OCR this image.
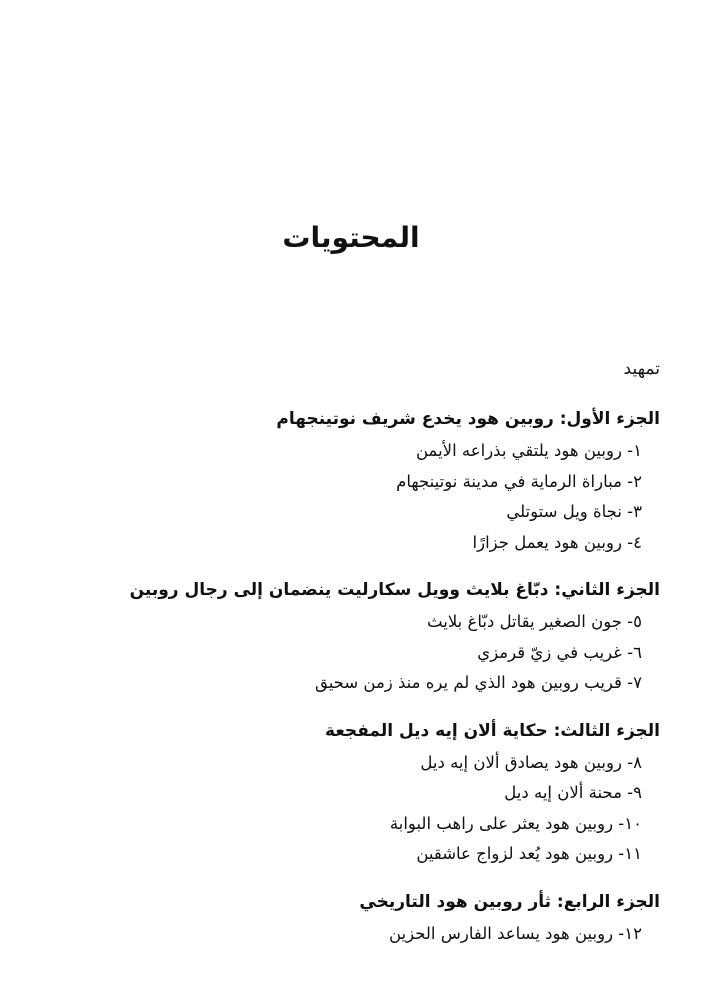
المحتويات

تمهيد

الجزء الأول: روبين هود يخدع شريف نوتينجهام

١- روبين هود يلتقي بذراعه الأيمن
٢- مباراة الرماية في مدينة نوتينجهام
٣- نجاة ويل ستوتلي
٤- روبين هود يعمل جزارًا

الجزء الثاني: دبّاغ بلايث وويل سكارليت ينضمان إلى رجال روبين

٥- جون الصغير يقاتل دبّاغ بلايث
٦- غريب في زيّ قرمزي
٧- قريب روبين هود الذي لم يره منذ زمن سحيق

الجزء الثالث: حكاية ألان إيه ديل المفجعة

٨- روبين هود يصادق ألان إيه ديل
٩- محنة ألان إيه ديل
١٠- روبين هود يعثر على راهب البوابة
١١- روبين هود يُعد لزواج عاشقين

الجزء الرابع: ثأر روبين هود التاريخي

١٢- روبين هود يساعد الفارس الحزين
